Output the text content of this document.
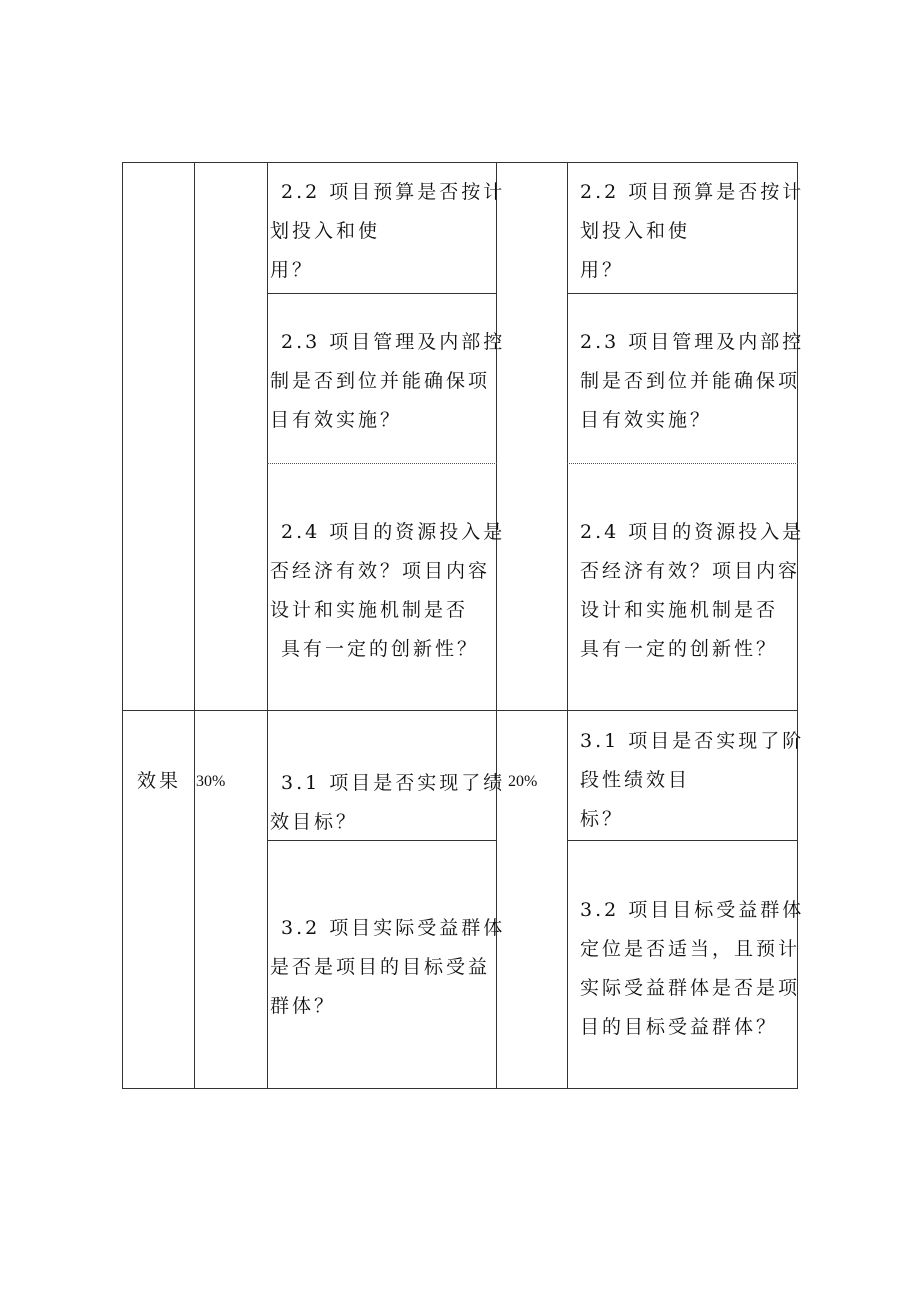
2.2 项目预算是否按计
划投入和使
用？
2.3 项目管理及内部控
制是否到位并能确保项
目有效实施？
2.4 项目的资源投入是
否经济有效？项目内容
设计和实施机制是否
具有一定的创新性？
2.2 项目预算是否按计
划投入和使
用？
2.3 项目管理及内部控
制是否到位并能确保项
目有效实施？
2.4 项目的资源投入是
否经济有效？项目内容
设计和实施机制是否
具有一定的创新性？
效果 30%	20%
3.1 项目是否实现了绩
效目标？
3.2 项目实际受益群体
是否是项目的目标受益
群体？
3.1 项目是否实现了阶
段性绩效目
标？
3.2 项目目标受益群体
定位是否适当，且预计
实际受益群体是否是项
目的目标受益群体？
